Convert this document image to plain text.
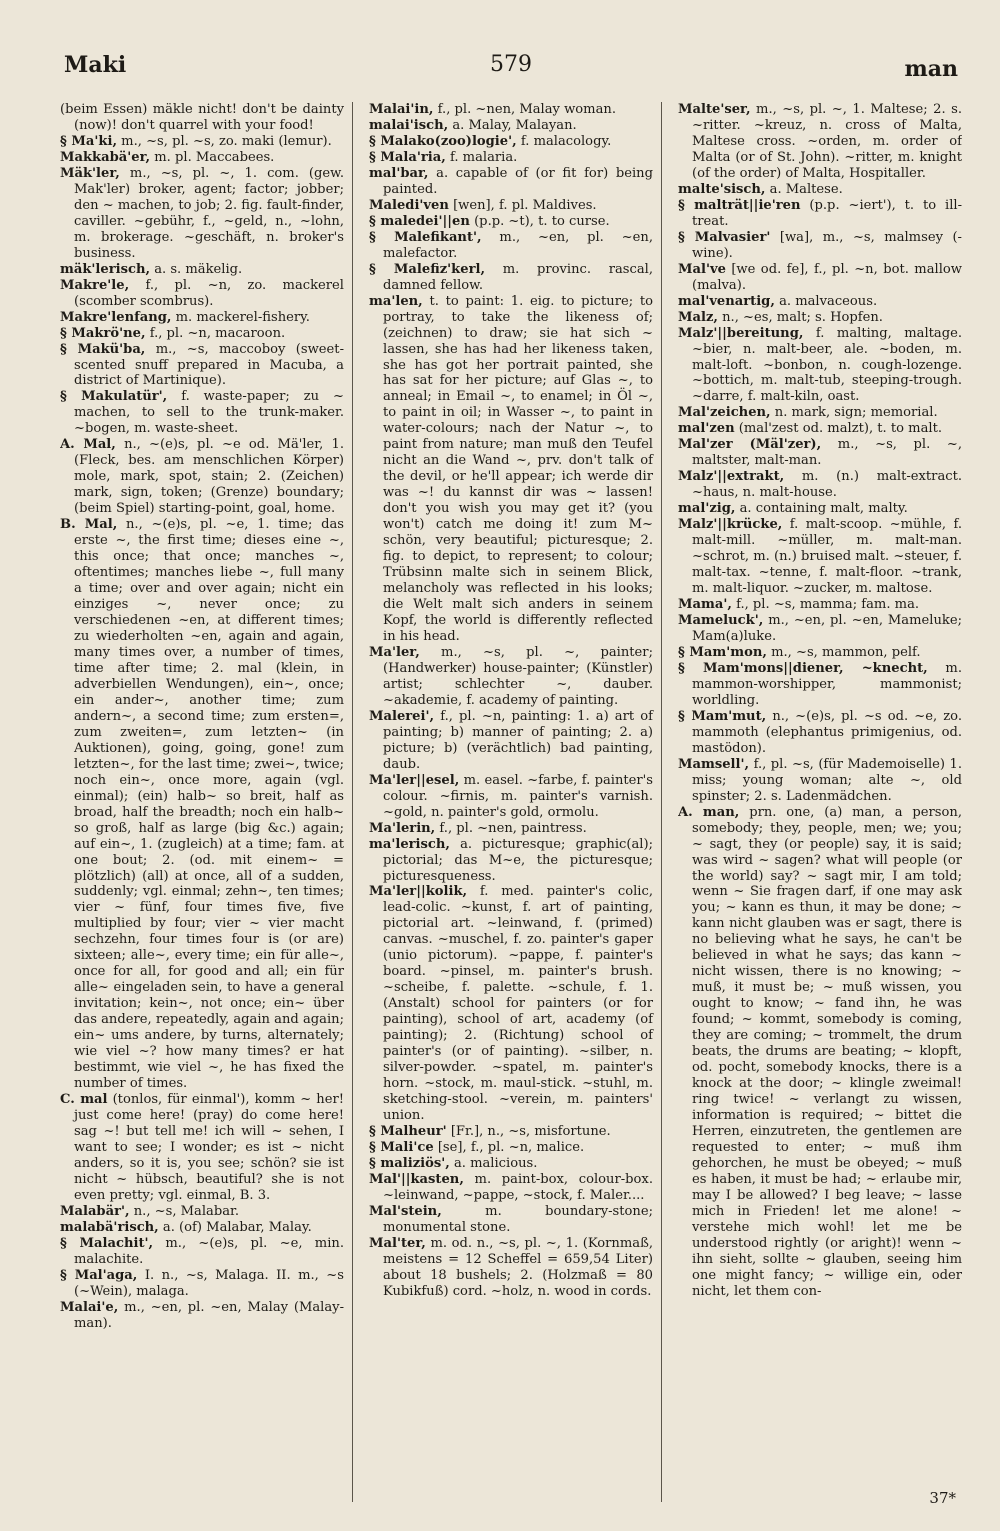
Maki	579	man

(beim Essen) mäkle nicht! don't be dainty (now)! don't quarrel with your food!

§ Ma'ki, m., ~s, pl. ~s, zo. maki (lemur).

Makkabä'er, m. pl. Maccabees.

Mäk'ler, m., ~s, pl. ~, 1. com. (gew. Mak'ler) broker, agent; factor; jobber; den ~ machen, to job; 2. fig. fault-finder, caviller. ~gebühr, f., ~geld, n., ~lohn, m. brokerage. ~geschäft, n. broker's business.

mäk'lerisch, a. s. mäkelig.

Makre'le, f., pl. ~n, zo. mackerel (scomber scombrus).

Makre'lenfang, m. mackerel-fishery.

§ Makrö'ne, f., pl. ~n, macaroon.

§ Makü'ba, m., ~s, maccoboy (sweet-scented snuff prepared in Macuba, a district of Martinique).

§ Makulatür', f. waste-paper; zu ~ machen, to sell to the trunk-maker. ~bogen, m. waste-sheet.

A. Mal, n., ~(e)s, pl. ~e od. Mä'ler, 1. (Fleck, bes. am menschlichen Körper) mole, mark, spot, stain; 2. (Zeichen) mark, sign, token; (Grenze) boundary; (beim Spiel) starting-point, goal, home.

B. Mal, n., ~(e)s, pl. ~e, 1. time; das erste ~, the first time; dieses eine ~, this once; that once; manches ~, oftentimes; manches liebe ~, full many a time; over and over again; nicht ein einziges ~, never once; zu verschiedenen ~en, at different times; zu wiederholten ~en, again and again, many times over, a number of times, time after time; 2. mal (klein, in adverbiellen Wendungen), ein~, once; ein ander~, another time; zum andern~, a second time; zum ersten=, zum zweiten=, zum letzten~ (in Auktionen), going, going, gone! zum letzten~, for the last time; zwei~, twice; noch ein~, once more, again (vgl. einmal); (ein) halb~ so breit, half as broad, half the breadth; noch ein halb~ so groß, half as large (big &c.) again; auf ein~, 1. (zugleich) at a time; fam. at one bout; 2. (od. mit einem~ = plötzlich) (all) at once, all of a sudden, suddenly; vgl. einmal; zehn~, ten times; vier ~ fünf, four times five, five multiplied by four; vier ~ vier macht sechzehn, four times four is (or are) sixteen; alle~, every time; ein für alle~, once for all, for good and all; ein für alle~ eingeladen sein, to have a general invitation; kein~, not once; ein~ über das andere, repeatedly, again and again; ein~ ums andere, by turns, alternately; wie viel ~? how many times? er hat bestimmt, wie viel ~, he has fixed the number of times.

C. mal (tonlos, für einmal'), komm ~ her! just come here! (pray) do come here! sag ~! but tell me! ich will ~ sehen, I want to see; I wonder; es ist ~ nicht anders, so it is, you see; schön? sie ist nicht ~ hübsch, beautiful? she is not even pretty; vgl. einmal, B. 3.

Malabär', n., ~s, Malabar.

malabä'risch, a. (of) Malabar, Malay.

§ Malachit', m., ~(e)s, pl. ~e, min. malachite.

§ Mal'aga, I. n., ~s, Malaga. II. m., ~s (~Wein), malaga.

Malai'e, m., ~en, pl. ~en, Malay (Malay-man).

Malai'in, f., pl. ~nen, Malay woman.

malai'isch, a. Malay, Malayan.

§ Malako(zoo)logie', f. malacology.

§ Mala'ria, f. malaria.

mal'bar, a. capable of (or fit for) being painted.

Maledi'ven [wen], f. pl. Maldives.

§ maledei'||en (p.p. ~t), t. to curse.

§ Malefikant', m., ~en, pl. ~en, malefactor.

§ Malefiz'kerl, m. provinc. rascal, damned fellow.

ma'len, t. to paint: 1. eig. to picture; to portray, to take the likeness of; (zeichnen) to draw; sie hat sich ~ lassen, she has had her likeness taken, she has got her portrait painted, she has sat for her picture; auf Glas ~, to anneal; in Email ~, to enamel; in Öl ~, to paint in oil; in Wasser ~, to paint in water-colours; nach der Natur ~, to paint from nature; man muß den Teufel nicht an die Wand ~, prv. don't talk of the devil, or he'll appear; ich werde dir was ~! du kannst dir was ~ lassen! don't you wish you may get it? (you won't) catch me doing it! zum M~ schön, very beautiful; picturesque; 2. fig. to depict, to represent; to colour; Trübsinn malte sich in seinem Blick, melancholy was reflected in his looks; die Welt malt sich anders in seinem Kopf, the world is differently reflected in his head.

Ma'ler, m., ~s, pl. ~, painter; (Handwerker) house-painter; (Künstler) artist; schlechter ~, dauber. ~akademie, f. academy of painting.

Malerei', f., pl. ~n, painting: 1. a) art of painting; b) manner of painting; 2. a) picture; b) (verächtlich) bad painting, daub.

Ma'ler||esel, m. easel. ~farbe, f. painter's colour. ~firnis, m. painter's varnish. ~gold, n. painter's gold, ormolu.

Ma'lerin, f., pl. ~nen, paintress.

ma'lerisch, a. picturesque; graphic(al); pictorial; das M~e, the picturesque; picturesqueness.

Ma'ler||kolik, f. med. painter's colic, lead-colic. ~kunst, f. art of painting, pictorial art. ~leinwand, f. (primed) canvas. ~muschel, f. zo. painter's gaper (unio pictorum). ~pappe, f. painter's board. ~pinsel, m. painter's brush. ~scheibe, f. palette. ~schule, f. 1. (Anstalt) school for painters (or for painting), school of art, academy (of painting); 2. (Richtung) school of painter's (or of painting). ~silber, n. silver-powder. ~spatel, m. painter's horn. ~stock, m. maul-stick. ~stuhl, m. sketching-stool. ~verein, m. painters' union.

§ Malheur' [Fr.], n., ~s, misfortune.

§ Mali'ce [se], f., pl. ~n, malice.

§ maliziös', a. malicious.

Mal'||kasten, m. paint-box, colour-box. ~leinwand, ~pappe, ~stock, f. Maler....

Mal'stein,	m. boundary-stone; monumental stone.

Mal'ter, m. od. n., ~s, pl. ~, 1. (Kornmaß, meistens = 12 Scheffel = 659,54 Liter) about 18 bushels; 2. (Holzmaß = 80 Kubikfuß) cord. ~holz, n. wood in cords.

Malte'ser, m., ~s, pl. ~, 1. Maltese; 2. s. ~ritter. ~kreuz, n. cross of Malta, Maltese cross. ~orden, m. order of Malta (or of St. John). ~ritter, m. knight (of the order) of Malta, Hospitaller.

malte'sisch, a. Maltese.

§ malträt||ie'ren (p.p. ~iert'), t. to ill-treat.

§ Malvasier' [wa], m., ~s, malmsey (-wine).

Mal've [we od. fe], f., pl. ~n, bot. mallow (malva).

mal'venartig, a. malvaceous.

Malz, n., ~es, malt; s. Hopfen.

Malz'||bereitung, f. malting, maltage. ~bier, n. malt-beer, ale. ~boden, m. malt-loft. ~bonbon, n. cough-lozenge. ~bottich, m. malt-tub, steeping-trough. ~darre, f. malt-kiln, oast.

Mal'zeichen, n. mark, sign; memorial.

mal'zen (mal'zest od. malzt), t. to malt.

Mal'zer (Mäl'zer), m., ~s, pl. ~, maltster, malt-man.

Malz'||extrakt, m. (n.) malt-extract. ~haus, n. malt-house.

mal'zig, a. containing malt, malty.

Malz'||krücke, f. malt-scoop. ~mühle, f. malt-mill. ~müller, m. malt-man. ~schrot, m. (n.) bruised malt. ~steuer, f. malt-tax. ~tenne, f. malt-floor. ~trank, m. malt-liquor. ~zucker, m. maltose.

Mama', f., pl. ~s, mamma; fam. ma.

Mameluck', m., ~en, pl. ~en, Mameluke; Mam(a)luke.

§ Mam'mon, m., ~s, mammon, pelf.

§ Mam'mons||diener, ~knecht, m. mammon-worshipper, mammonist; worldling.

§ Mam'mut, n., ~(e)s, pl. ~s od. ~e, zo. mammoth (elephantus primigenius, od. mastödon).

Mamsell', f., pl. ~s, (für Mademoiselle) 1. miss; young woman; alte ~, old spinster; 2. s. Ladenmädchen.

A. man, prn. one, (a) man, a person, somebody; they, people, men; we; you; ~ sagt, they (or people) say, it is said; was wird ~ sagen? what will people (or the world) say? ~ sagt mir, I am told; wenn ~ Sie fragen darf, if one may ask you; ~ kann es thun, it may be done; ~ kann nicht glauben was er sagt, there is no believing what he says, he can't be believed in what he says; das kann ~ nicht wissen, there is no knowing; ~ muß, it must be; ~ muß wissen, you ought to know; ~ fand ihn, he was found; ~ kommt, somebody is coming, they are coming; ~ trommelt, the drum beats, the drums are beating; ~ klopft, od. pocht, somebody knocks, there is a knock at the door; ~ klingle zweimal! ring twice! ~ verlangt zu wissen, information is required; ~ bittet die Herren, einzutreten, the gentlemen are requested to enter; ~ muß ihm gehorchen, he must be obeyed; ~ muß es haben, it must be had; ~ erlaube mir, may I be allowed? I beg leave; ~ lasse mich in Frieden! let me alone! ~ verstehe mich wohl! let me be understood rightly (or aright)! wenn ~ ihn sieht, sollte ~ glauben, seeing him one might fancy; ~ willige ein, oder nicht, let them con-

37*
